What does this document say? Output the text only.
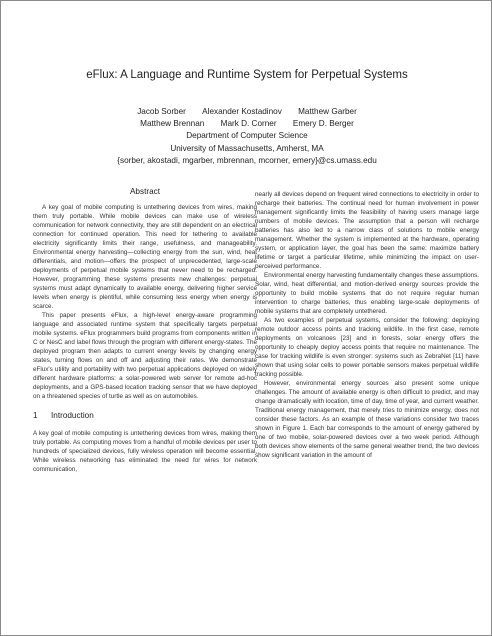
eFlux: A Language and Runtime System for Perpetual Systems
Jacob Sorber Alexander Kostadinov Matthew Garber
Matthew Brennan Mark D. Corner Emery D. Berger
Department of Computer Science
University of Massachusetts, Amherst, MA
{sorber, akostadi, mgarber, mbrennan, mcorner, emery}@cs.umass.edu
Abstract

A key goal of mobile computing is untethering devices from wires, making them truly portable. While mobile devices can make use of wireless communication for network connectivity, they are still dependent on an electrical connection for continued operation. This need for tethering to available electricity significantly limits their range, usefulness, and manageability. Environmental energy harvesting—collecting energy from the sun, wind, heat differentials, and motion—offers the prospect of unprecedented, large-scale deployments of perpetual mobile systems that never need to be recharged. However, programming these systems presents new challenges: perpetual systems must adapt dynamically to available energy, delivering higher service levels when energy is plentiful, while consuming less energy when energy is scarce.

This paper presents eFlux, a high-level energy-aware programming language and associated runtime system that specifically targets perpetual mobile systems. eFlux programmers build programs from components written in C or NesC and label flows through the program with different energy-states. The deployed program then adapts to current energy levels by changing energy states, turning flows on and off and adjusting their rates. We demonstrate eFlux's utility and portability with two perpetual applications deployed on widely different hardware platforms: a solar-powered web server for remote ad-hoc deployments, and a GPS-based location tracking sensor that we have deployed on a threatened species of turtle as well as on automobiles.

1 Introduction

A key goal of mobile computing is untethering devices from wires, making them truly portable. As computing moves from a handful of mobile devices per user to hundreds of specialized devices, fully wireless operation will become essential. While wireless networking has eliminated the need for wires for network communication,

nearly all devices depend on frequent wired connections to electricity in order to recharge their batteries. The continual need for human involvement in power management significantly limits the feasibility of having users manage large numbers of mobile devices. The assumption that a person will recharge batteries has also led to a narrow class of solutions to mobile energy management. Whether the system is implemented at the hardware, operating system, or application layer, the goal has been the same: maximize battery lifetime or target a particular lifetime, while minimizing the impact on user-perceived performance.

Environmental energy harvesting fundamentally changes these assumptions. Solar, wind, heat differential, and motion-derived energy sources provide the opportunity to build mobile systems that do not require regular human intervention to charge batteries, thus enabling large-scale deployments of mobile systems that are completely untethered.

As two examples of perpetual systems, consider the following: deploying remote outdoor access points and tracking wildlife. In the first case, remote deployments on volcanoes [23] and in forests, solar energy offers the opportunity to cheaply deploy access points that require no maintenance. The case for tracking wildlife is even stronger: systems such as ZebraNet [11] have shown that using solar cells to power portable sensors makes perpetual wildlife tracking possible.

However, environmental energy sources also present some unique challenges. The amount of available energy is often difficult to predict, and may change dramatically with location, time of day, time of year, and current weather. Traditional energy management, that merely tries to minimize energy, does not consider these factors. As an example of these variations consider two traces shown in Figure 1. Each bar corresponds to the amount of energy gathered by one of two mobile, solar-powered devices over a two week period. Although both devices show elements of the same general weather trend, the two devices show significant variation in the amount of
